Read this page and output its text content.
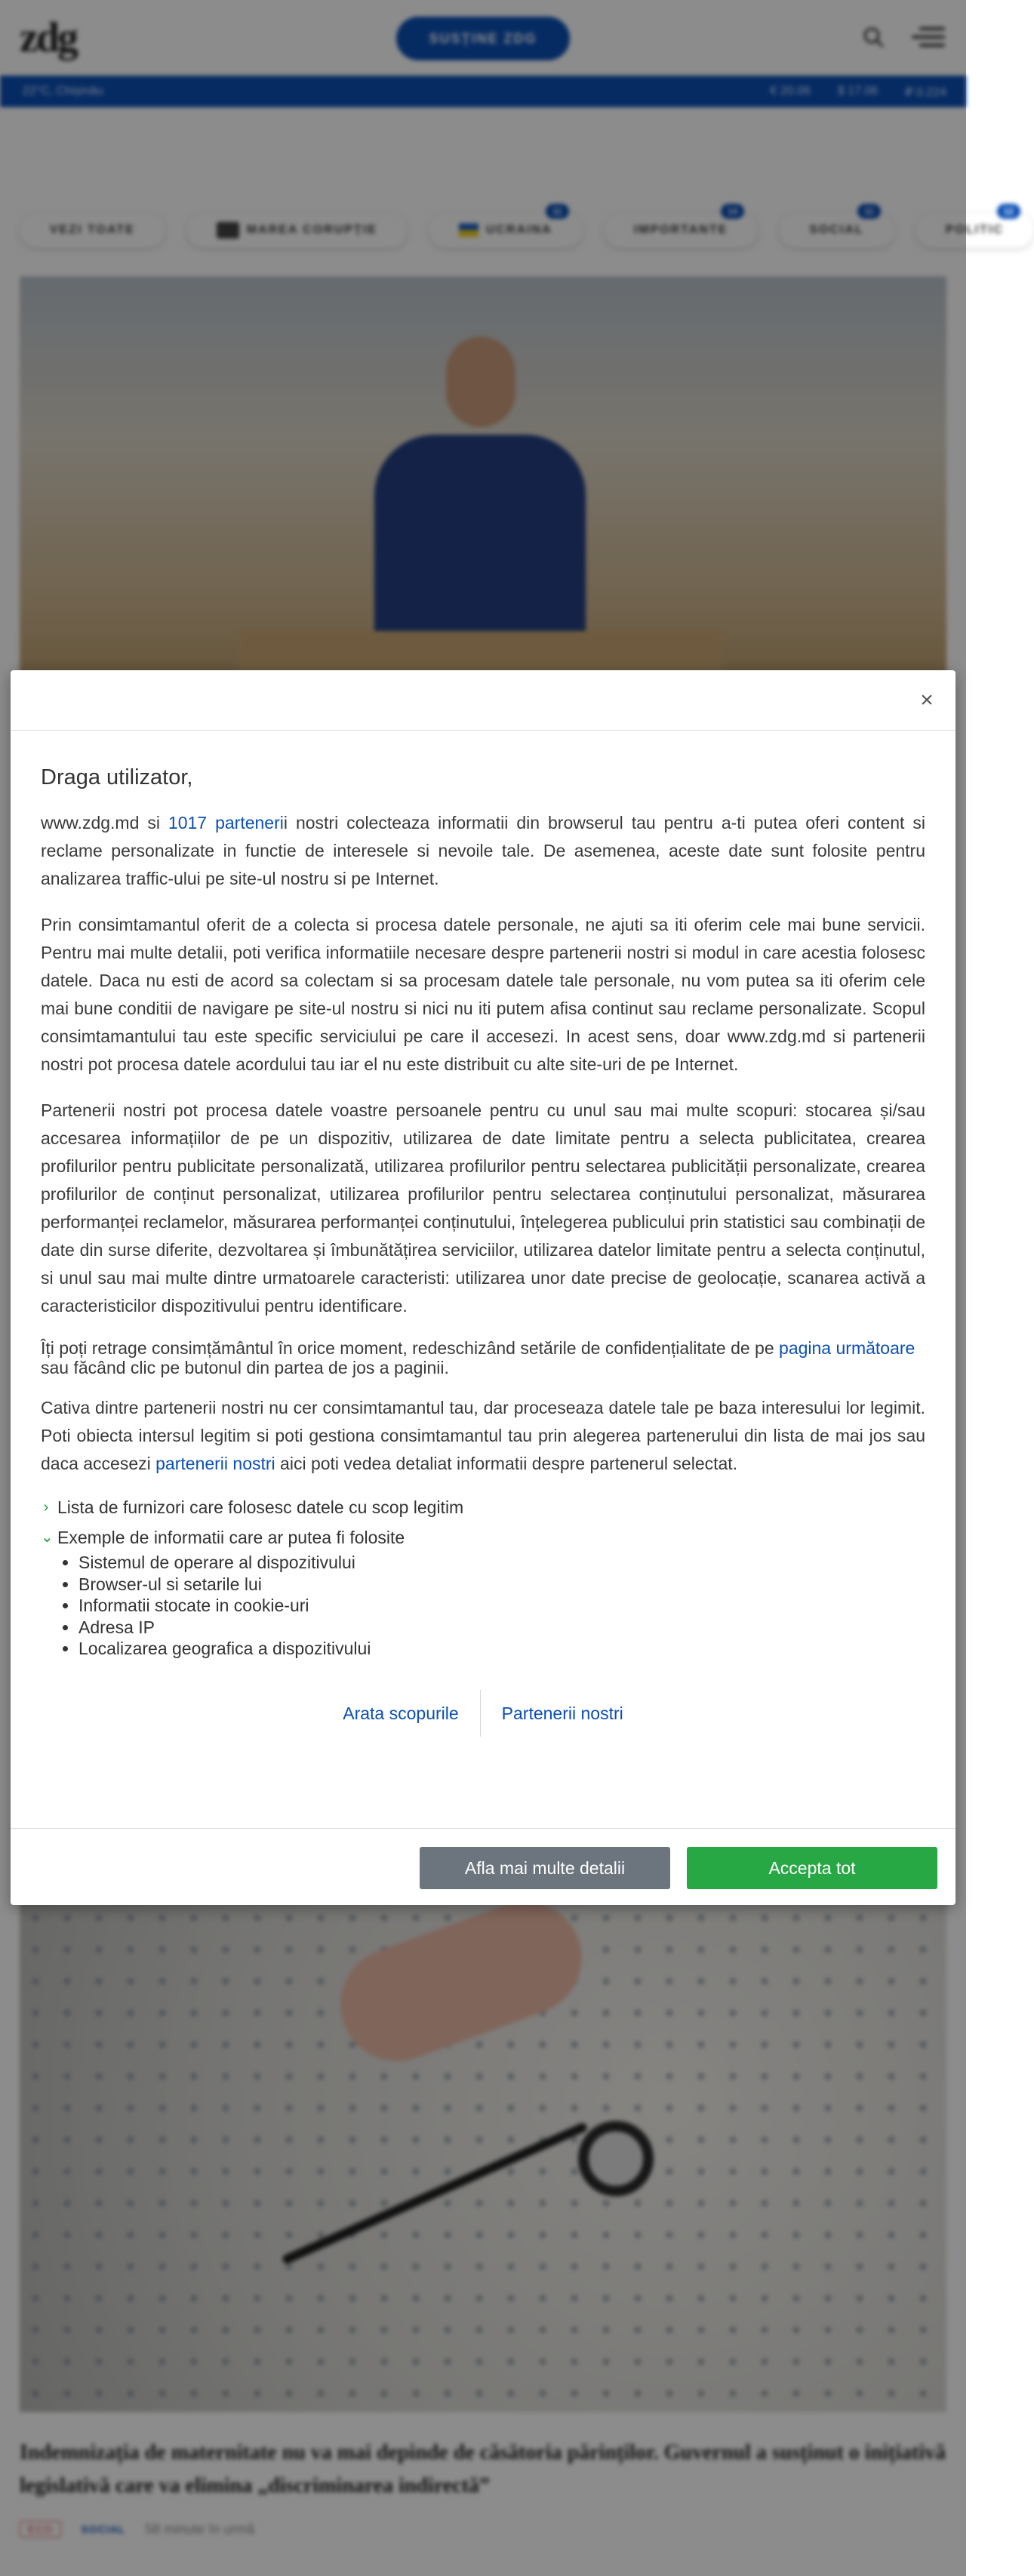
zdg	SUSȚINE ZDG
22°C, Chișinău	€ 20.06 $ 17.06 ₽ 0.224
VEZI TOATE	MAREA CORUPȚIE	UCRAINA
11
IMPORTANTE
14
SOCIAL
11
POLITIC
12
Indemnizația de maternitate nu va mai depinde de căsătoria părinților. Guvernul a susținut o inițiativă legislativă care va elimina „discriminarea indirectă”
ECO	SOCIAL 58 minute în urmă
×
Draga utilizator,

www.zdg.md si 1017 partenerii nostri colecteaza informatii din browserul tau pentru a-ti putea oferi content si reclame personalizate in functie de interesele si nevoile tale. De asemenea, aceste date sunt folosite pentru analizarea traffic-ului pe site-ul nostru si pe Internet.

Prin consimtamantul oferit de a colecta si procesa datele personale, ne ajuti sa iti oferim cele mai bune servicii. Pentru mai multe detalii, poti verifica informatiile necesare despre partenerii nostri si modul in care acestia folosesc datele. Daca nu esti de acord sa colectam si sa procesam datele tale personale, nu vom putea sa iti oferim cele mai bune conditii de navigare pe site-ul nostru si nici nu iti putem afisa continut sau reclame personalizate. Scopul consimtamantului tau este specific serviciului pe care il accesezi. In acest sens, doar www.zdg.md si partenerii nostri pot procesa datele acordului tau iar el nu este distribuit cu alte site-uri de pe Internet.

Partenerii nostri pot procesa datele voastre persoanele pentru cu unul sau mai multe scopuri: stocarea și/sau accesarea informațiilor de pe un dispozitiv, utilizarea de date limitate pentru a selecta publicitatea, crearea profilurilor pentru publicitate personalizată, utilizarea profilurilor pentru selectarea publicității personalizate, crearea profilurilor de conținut personalizat, utilizarea profilurilor pentru selectarea conținutului personalizat, măsurarea performanței reclamelor, măsurarea performanței conținutului, înțelegerea publicului prin statistici sau combinații de date din surse diferite, dezvoltarea și îmbunătățirea serviciilor, utilizarea datelor limitate pentru a selecta conținutul, si unul sau mai multe dintre urmatoarele caracteristi: utilizarea unor date precise de geolocație, scanarea activă a caracteristicilor dispozitivului pentru identificare.

Îți poți retrage consimțământul în orice moment, redeschizând setările de confidențialitate de pe pagina următoare sau făcând clic pe butonul din partea de jos a paginii.

Cativa dintre partenerii nostri nu cer consimtamantul tau, dar proceseaza datele tale pe baza interesului lor legimit. Poti obiecta intersul legitim si poti gestiona consimtamantul tau prin alegerea partenerului din lista de mai jos sau daca accesezi partenerii nostri aici poti vedea detaliat informatii despre partenerul selectat.

› Lista de furnizori care folosesc datele cu scop legitim
⌄ Exemple de informatii care ar putea fi folosite
• Sistemul de operare al dispozitivului
• Browser-ul si setarile lui
• Informatii stocate in cookie-uri
• Adresa IP
• Localizarea geografica a dispozitivului
Arata scopurile	Partenerii nostri
Afla mai multe detalii	Accepta tot
